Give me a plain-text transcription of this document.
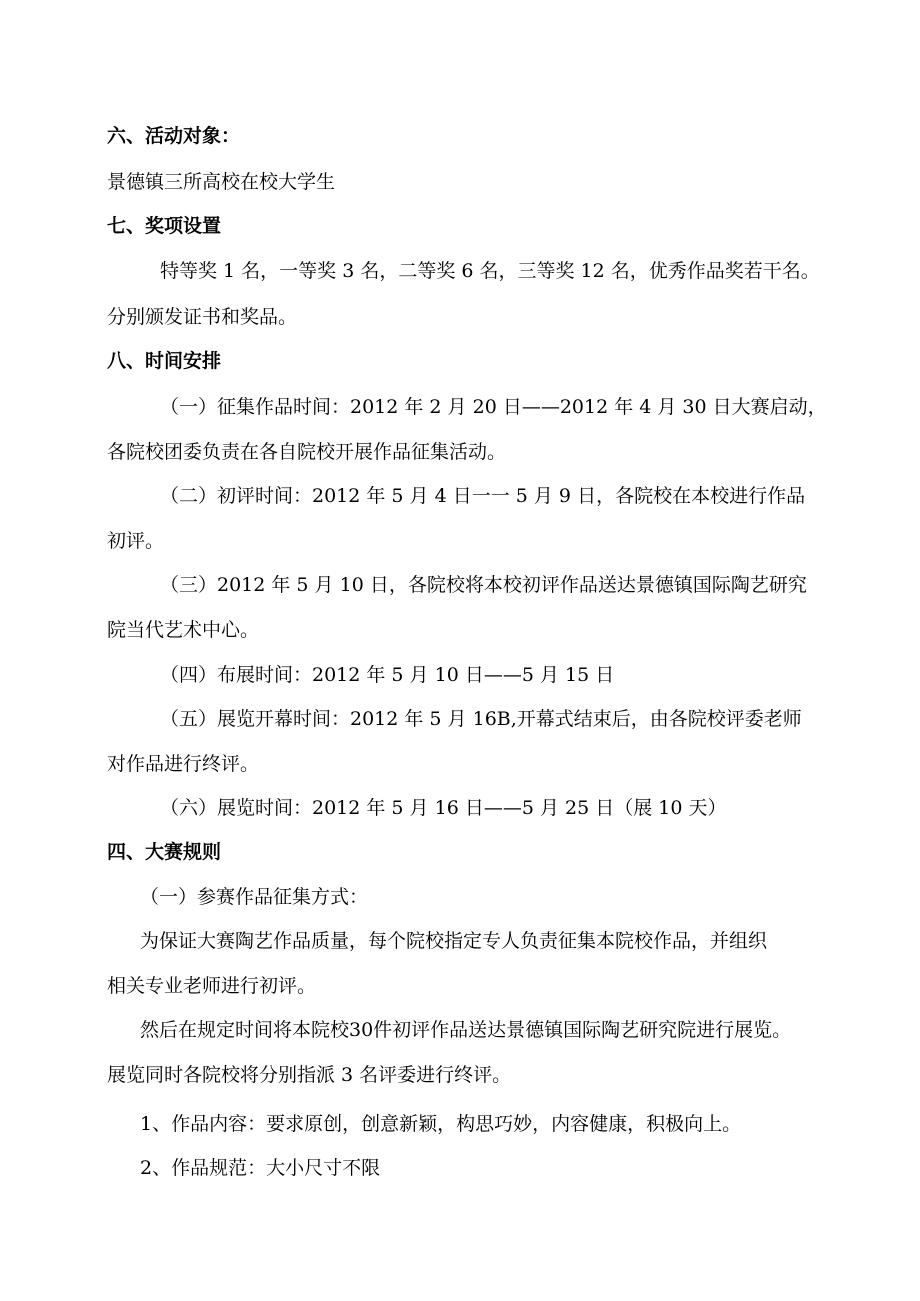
六、活动对象：
景德镇三所高校在校大学生
七、奖项设置
特等奖 1 名，一等奖 3 名，二等奖 6 名，三等奖 12 名，优秀作品奖若干名。
分别颁发证书和奖品。
八、时间安排
（一）征集作品时间：2012 年 2 月 20 日——2012 年 4 月 30 日大赛启动，
各院校团委负责在各自院校开展作品征集活动。
（二）初评时间：2012 年 5 月 4 日一一 5 月 9 日，各院校在本校进行作品
初评。
（三）2012 年 5 月 10 日，各院校将本校初评作品送达景德镇国际陶艺研究
院当代艺术中心。
（四）布展时间：2012 年 5 月 10 日——5 月 15 日
（五）展览开幕时间：2012 年 5 月 16B,开幕式结束后，由各院校评委老师
对作品进行终评。
（六）展览时间：2012 年 5 月 16 日——5 月 25 日（展 10 天）
四、大赛规则
（一）参赛作品征集方式：
为保证大赛陶艺作品质量，每个院校指定专人负责征集本院校作品，并组织
相关专业老师进行初评。
然后在规定时间将本院校30件初评作品送达景德镇国际陶艺研究院进行展览。
展览同时各院校将分别指派 3 名评委进行终评。
1、作品内容：要求原创，创意新颖，构思巧妙，内容健康，积极向上。
2、作品规范：大小尺寸不限
